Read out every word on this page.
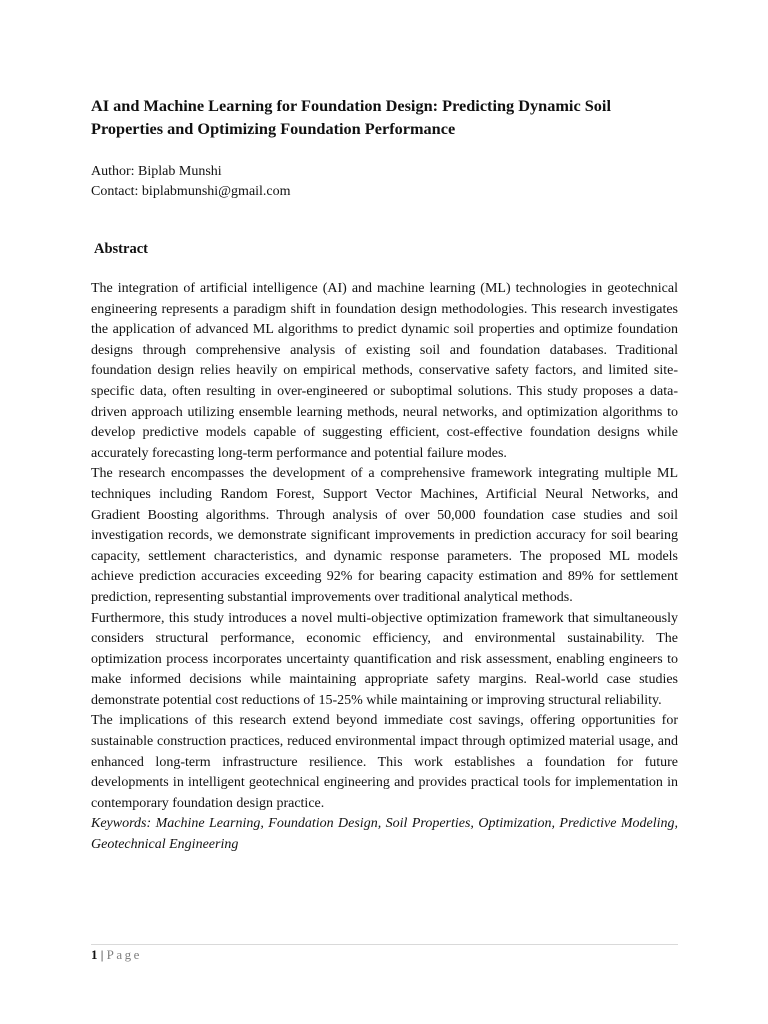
AI and Machine Learning for Foundation Design: Predicting Dynamic Soil Properties and Optimizing Foundation Performance
Author: Biplab Munshi
Contact: biplabmunshi@gmail.com
Abstract

The integration of artificial intelligence (AI) and machine learning (ML) technologies in geotechnical engineering represents a paradigm shift in foundation design methodologies. This research investigates the application of advanced ML algorithms to predict dynamic soil properties and optimize foundation designs through comprehensive analysis of existing soil and foundation databases. Traditional foundation design relies heavily on empirical methods, conservative safety factors, and limited site-specific data, often resulting in over-engineered or suboptimal solutions. This study proposes a data-driven approach utilizing ensemble learning methods, neural networks, and optimization algorithms to develop predictive models capable of suggesting efficient, cost-effective foundation designs while accurately forecasting long-term performance and potential failure modes.

The research encompasses the development of a comprehensive framework integrating multiple ML techniques including Random Forest, Support Vector Machines, Artificial Neural Networks, and Gradient Boosting algorithms. Through analysis of over 50,000 foundation case studies and soil investigation records, we demonstrate significant improvements in prediction accuracy for soil bearing capacity, settlement characteristics, and dynamic response parameters. The proposed ML models achieve prediction accuracies exceeding 92% for bearing capacity estimation and 89% for settlement prediction, representing substantial improvements over traditional analytical methods.

Furthermore, this study introduces a novel multi-objective optimization framework that simultaneously considers structural performance, economic efficiency, and environmental sustainability. The optimization process incorporates uncertainty quantification and risk assessment, enabling engineers to make informed decisions while maintaining appropriate safety margins. Real-world case studies demonstrate potential cost reductions of 15-25% while maintaining or improving structural reliability.

The implications of this research extend beyond immediate cost savings, offering opportunities for sustainable construction practices, reduced environmental impact through optimized material usage, and enhanced long-term infrastructure resilience. This work establishes a foundation for future developments in intelligent geotechnical engineering and provides practical tools for implementation in contemporary foundation design practice.

Keywords: Machine Learning, Foundation Design, Soil Properties, Optimization, Predictive Modeling, Geotechnical Engineering

1 | Page
